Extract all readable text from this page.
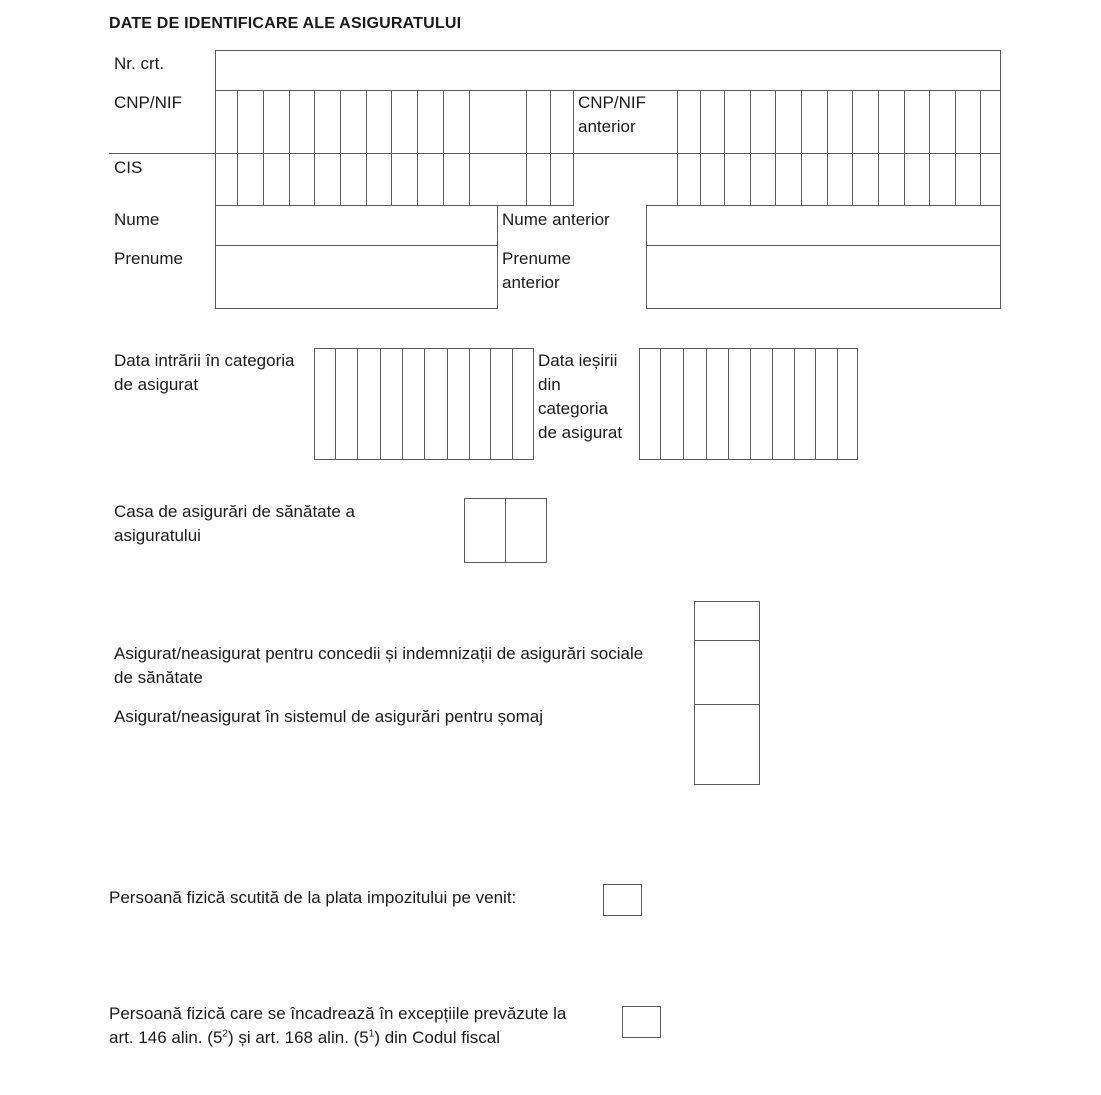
DATE DE IDENTIFICARE ALE ASIGURATULUI
Nr. crt.
CNP/NIF	CNP/NIF
anterior
CIS
Nume	Nume anterior
Prenume	Prenume
anterior
Data intrării în categoria
de asigurat
Data ieșirii
din
categoria
de asigurat
Casa de asigurări de sănătate a
asiguratului
Asigurat/neasigurat pentru concedii și indemnizații de asigurări sociale
de sănătate
Asigurat/neasigurat în sistemul de asigurări pentru șomaj
Persoană fizică scutită de la plata impozitului pe venit:
Persoană fizică care se încadrează în excepțiile prevăzute la
art. 146 alin. $(5^2)$ și art. 168 alin. $(5^1)$ din Codul fiscal
